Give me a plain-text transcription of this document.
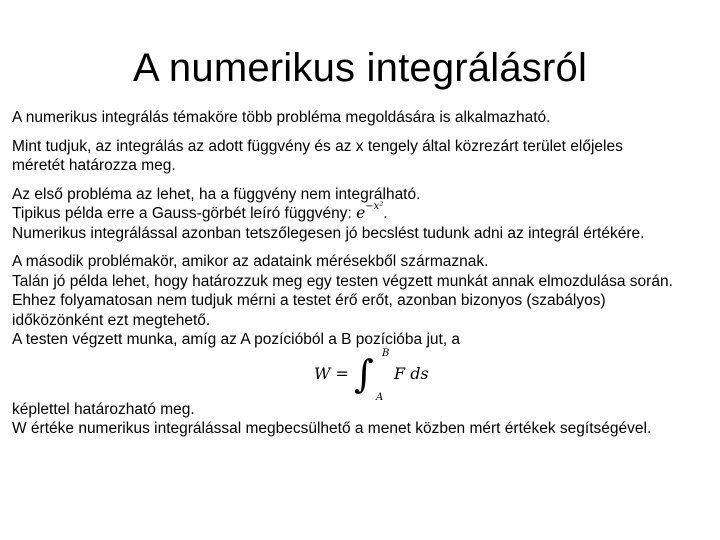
A numerikus integrálásról
A numerikus integrálás témaköre több probléma megoldására is alkalmazható.
Mint tudjuk, az integrálás az adott függvény és az x tengely által közrezárt terület előjeles
méretét határozza meg.
Az első probléma az lehet, ha a függvény nem integrálható.
Tipikus példa erre a Gauss-görbét leíró függvény: $e^{-x^2}$.
Numerikus integrálással azonban tetszőlegesen jó becslést tudunk adni az integrál értékére.
A második problémakör, amikor az adataink mérésekből származnak.
Talán jó példa lehet, hogy határozzuk meg egy testen végzett munkát annak elmozdulása során.
Ehhez folyamatosan nem tudjuk mérni a testet érő erőt, azonban bizonyos (szabályos)
időközönként ezt megtehető.
A testen végzett munka, amíg az A pozícióból a B pozícióba jut, a
W = ∫ B
A
F ds
képlettel határozható meg.
W értéke numerikus integrálással megbecsülhető a menet közben mért értékek segítségével.
